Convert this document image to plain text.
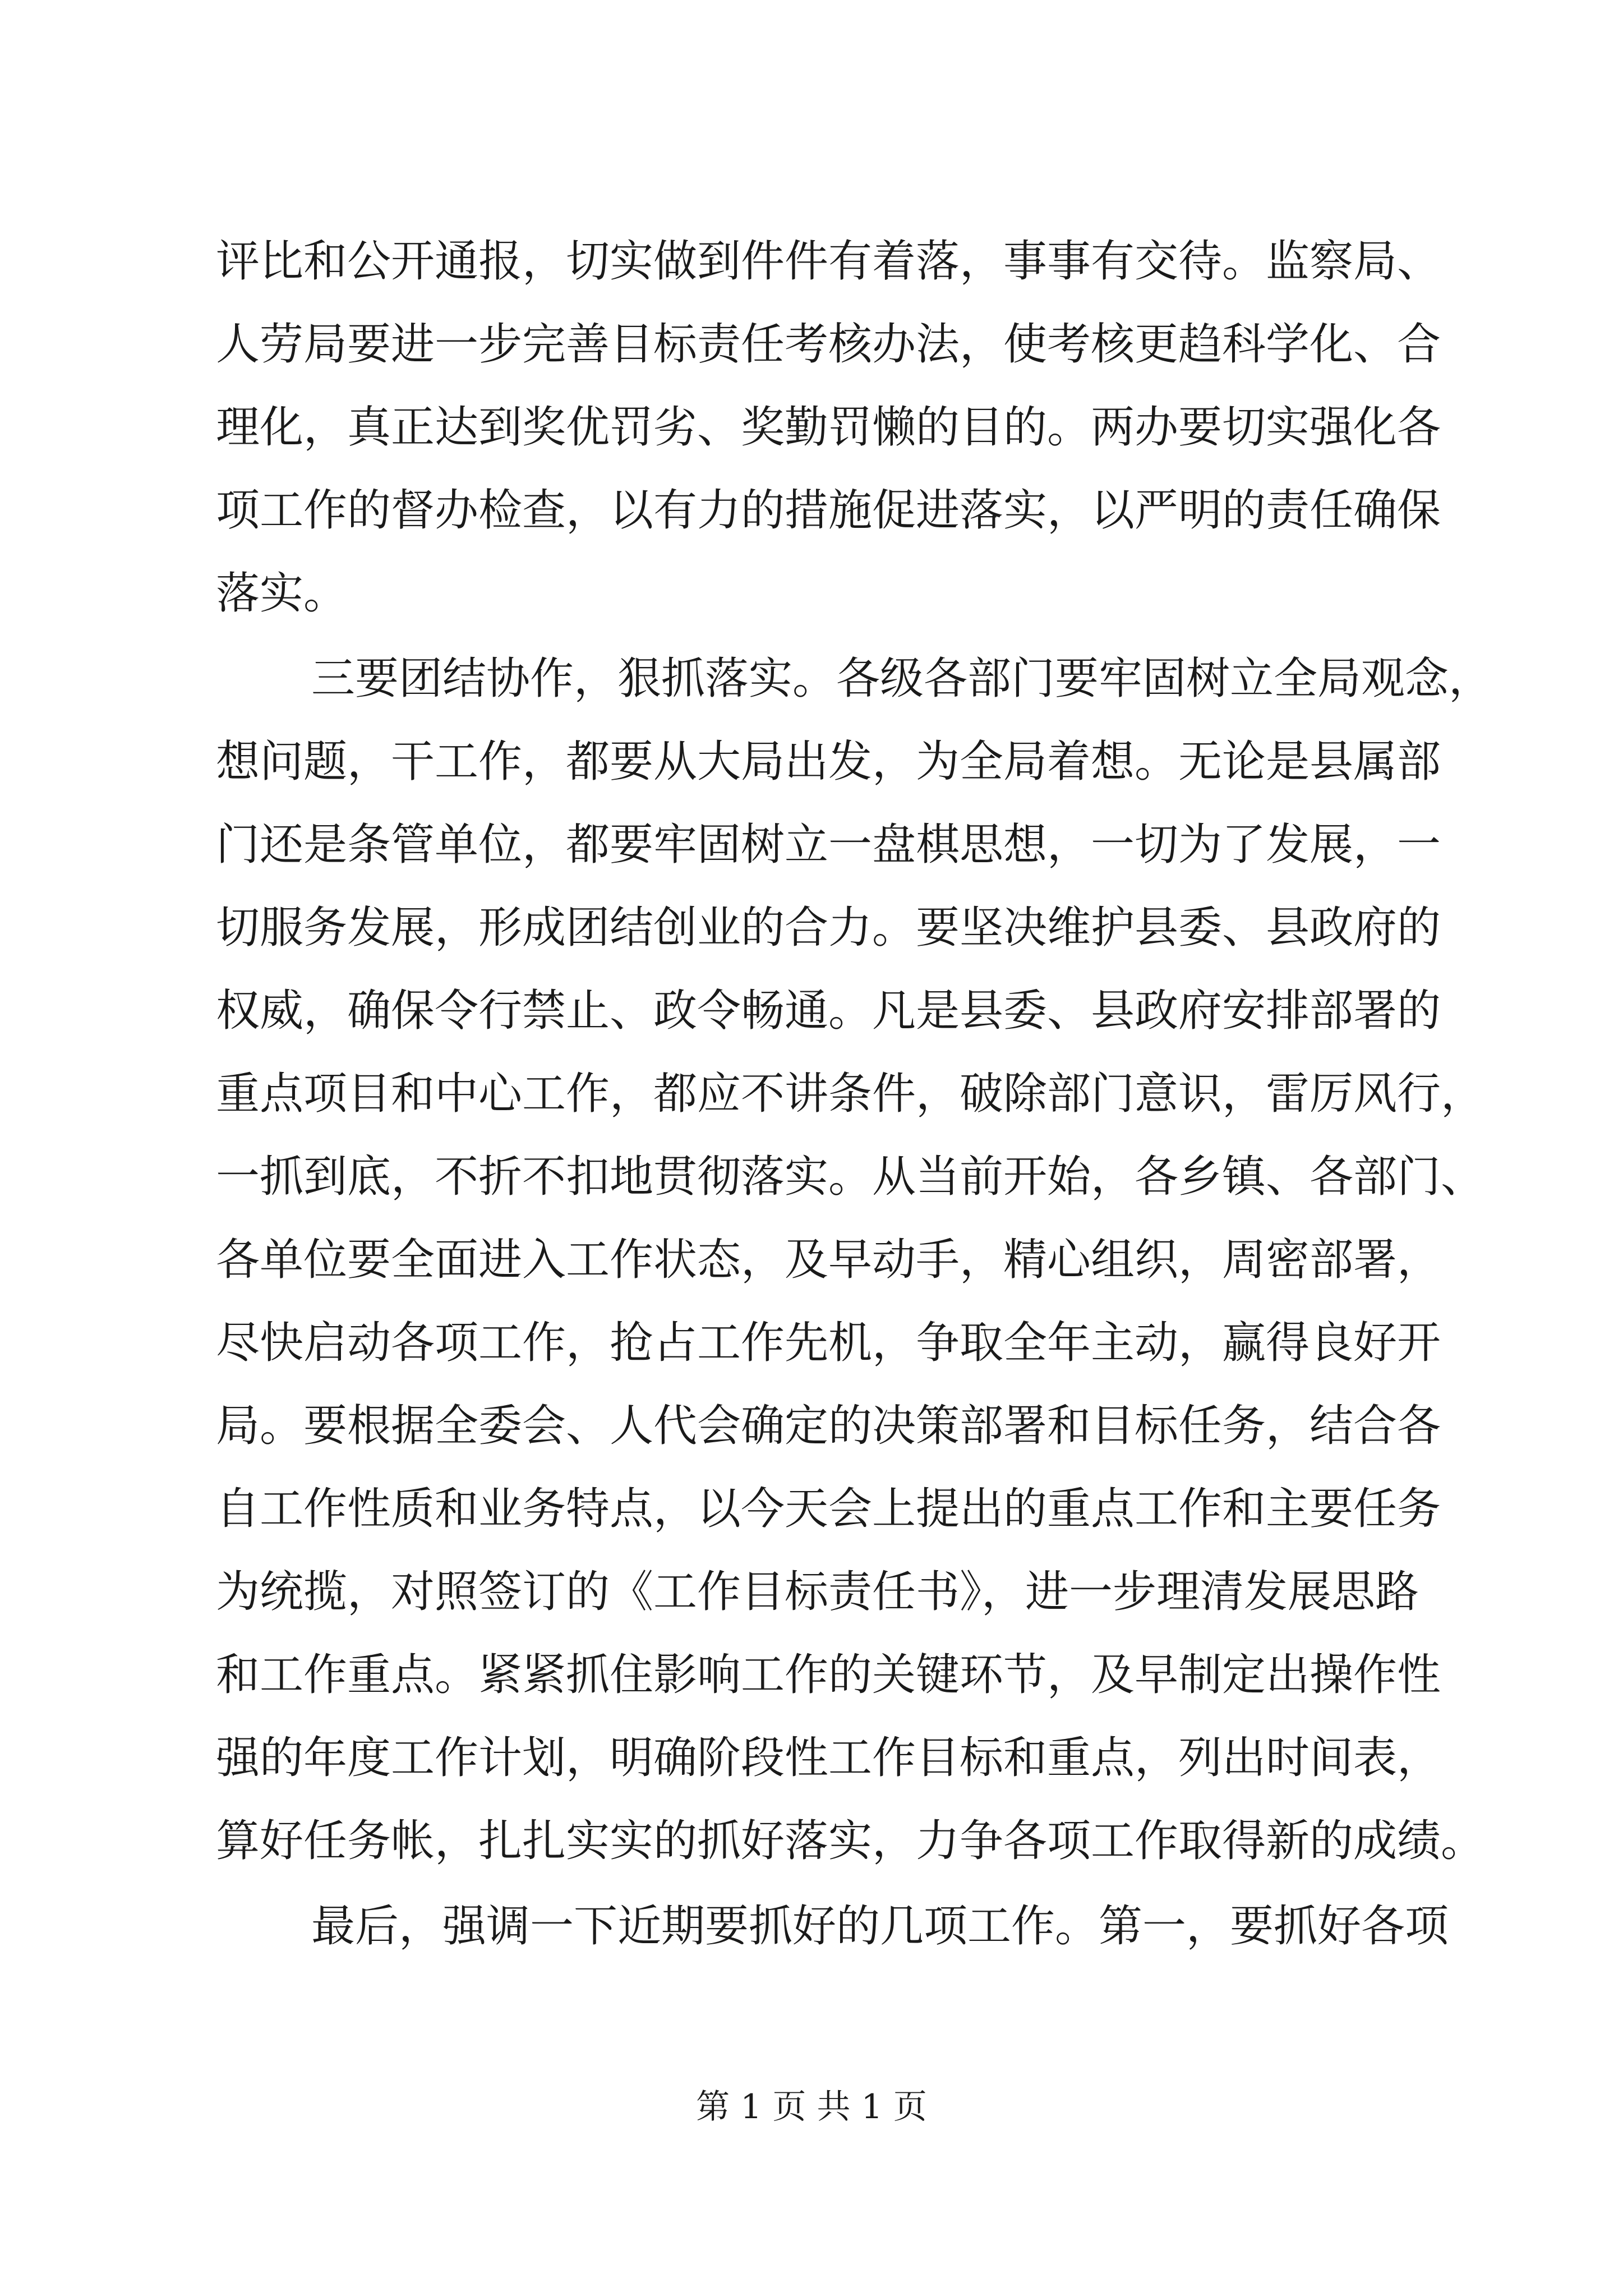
评比和公开通报，切实做到件件有着落，事事有交待。监察局、
人劳局要进一步完善目标责任考核办法，使考核更趋科学化、合
理化，真正达到奖优罚劣、奖勤罚懒的目的。两办要切实强化各
项工作的督办检查，以有力的措施促进落实，以严明的责任确保
落实。
三要团结协作，狠抓落实。各级各部门要牢固树立全局观念，
想问题，干工作，都要从大局出发，为全局着想。无论是县属部
门还是条管单位，都要牢固树立一盘棋思想，一切为了发展，一
切服务发展，形成团结创业的合力。要坚决维护县委、县政府的
权威，确保令行禁止、政令畅通。凡是县委、县政府安排部署的
重点项目和中心工作，都应不讲条件，破除部门意识，雷厉风行，
一抓到底，不折不扣地贯彻落实。从当前开始，各乡镇、各部门、
各单位要全面进入工作状态，及早动手，精心组织，周密部署，
尽快启动各项工作，抢占工作先机，争取全年主动，赢得良好开
局。要根据全委会、人代会确定的决策部署和目标任务，结合各
自工作性质和业务特点，以今天会上提出的重点工作和主要任务
为统揽，对照签订的《工作目标责任书》，进一步理清发展思路
和工作重点。紧紧抓住影响工作的关键环节，及早制定出操作性
强的年度工作计划，明确阶段性工作目标和重点，列出时间表，
算好任务帐，扎扎实实的抓好落实，力争各项工作取得新的成绩。
最后，强调一下近期要抓好的几项工作。第一，要抓好各项
第 1 页 共 1 页
